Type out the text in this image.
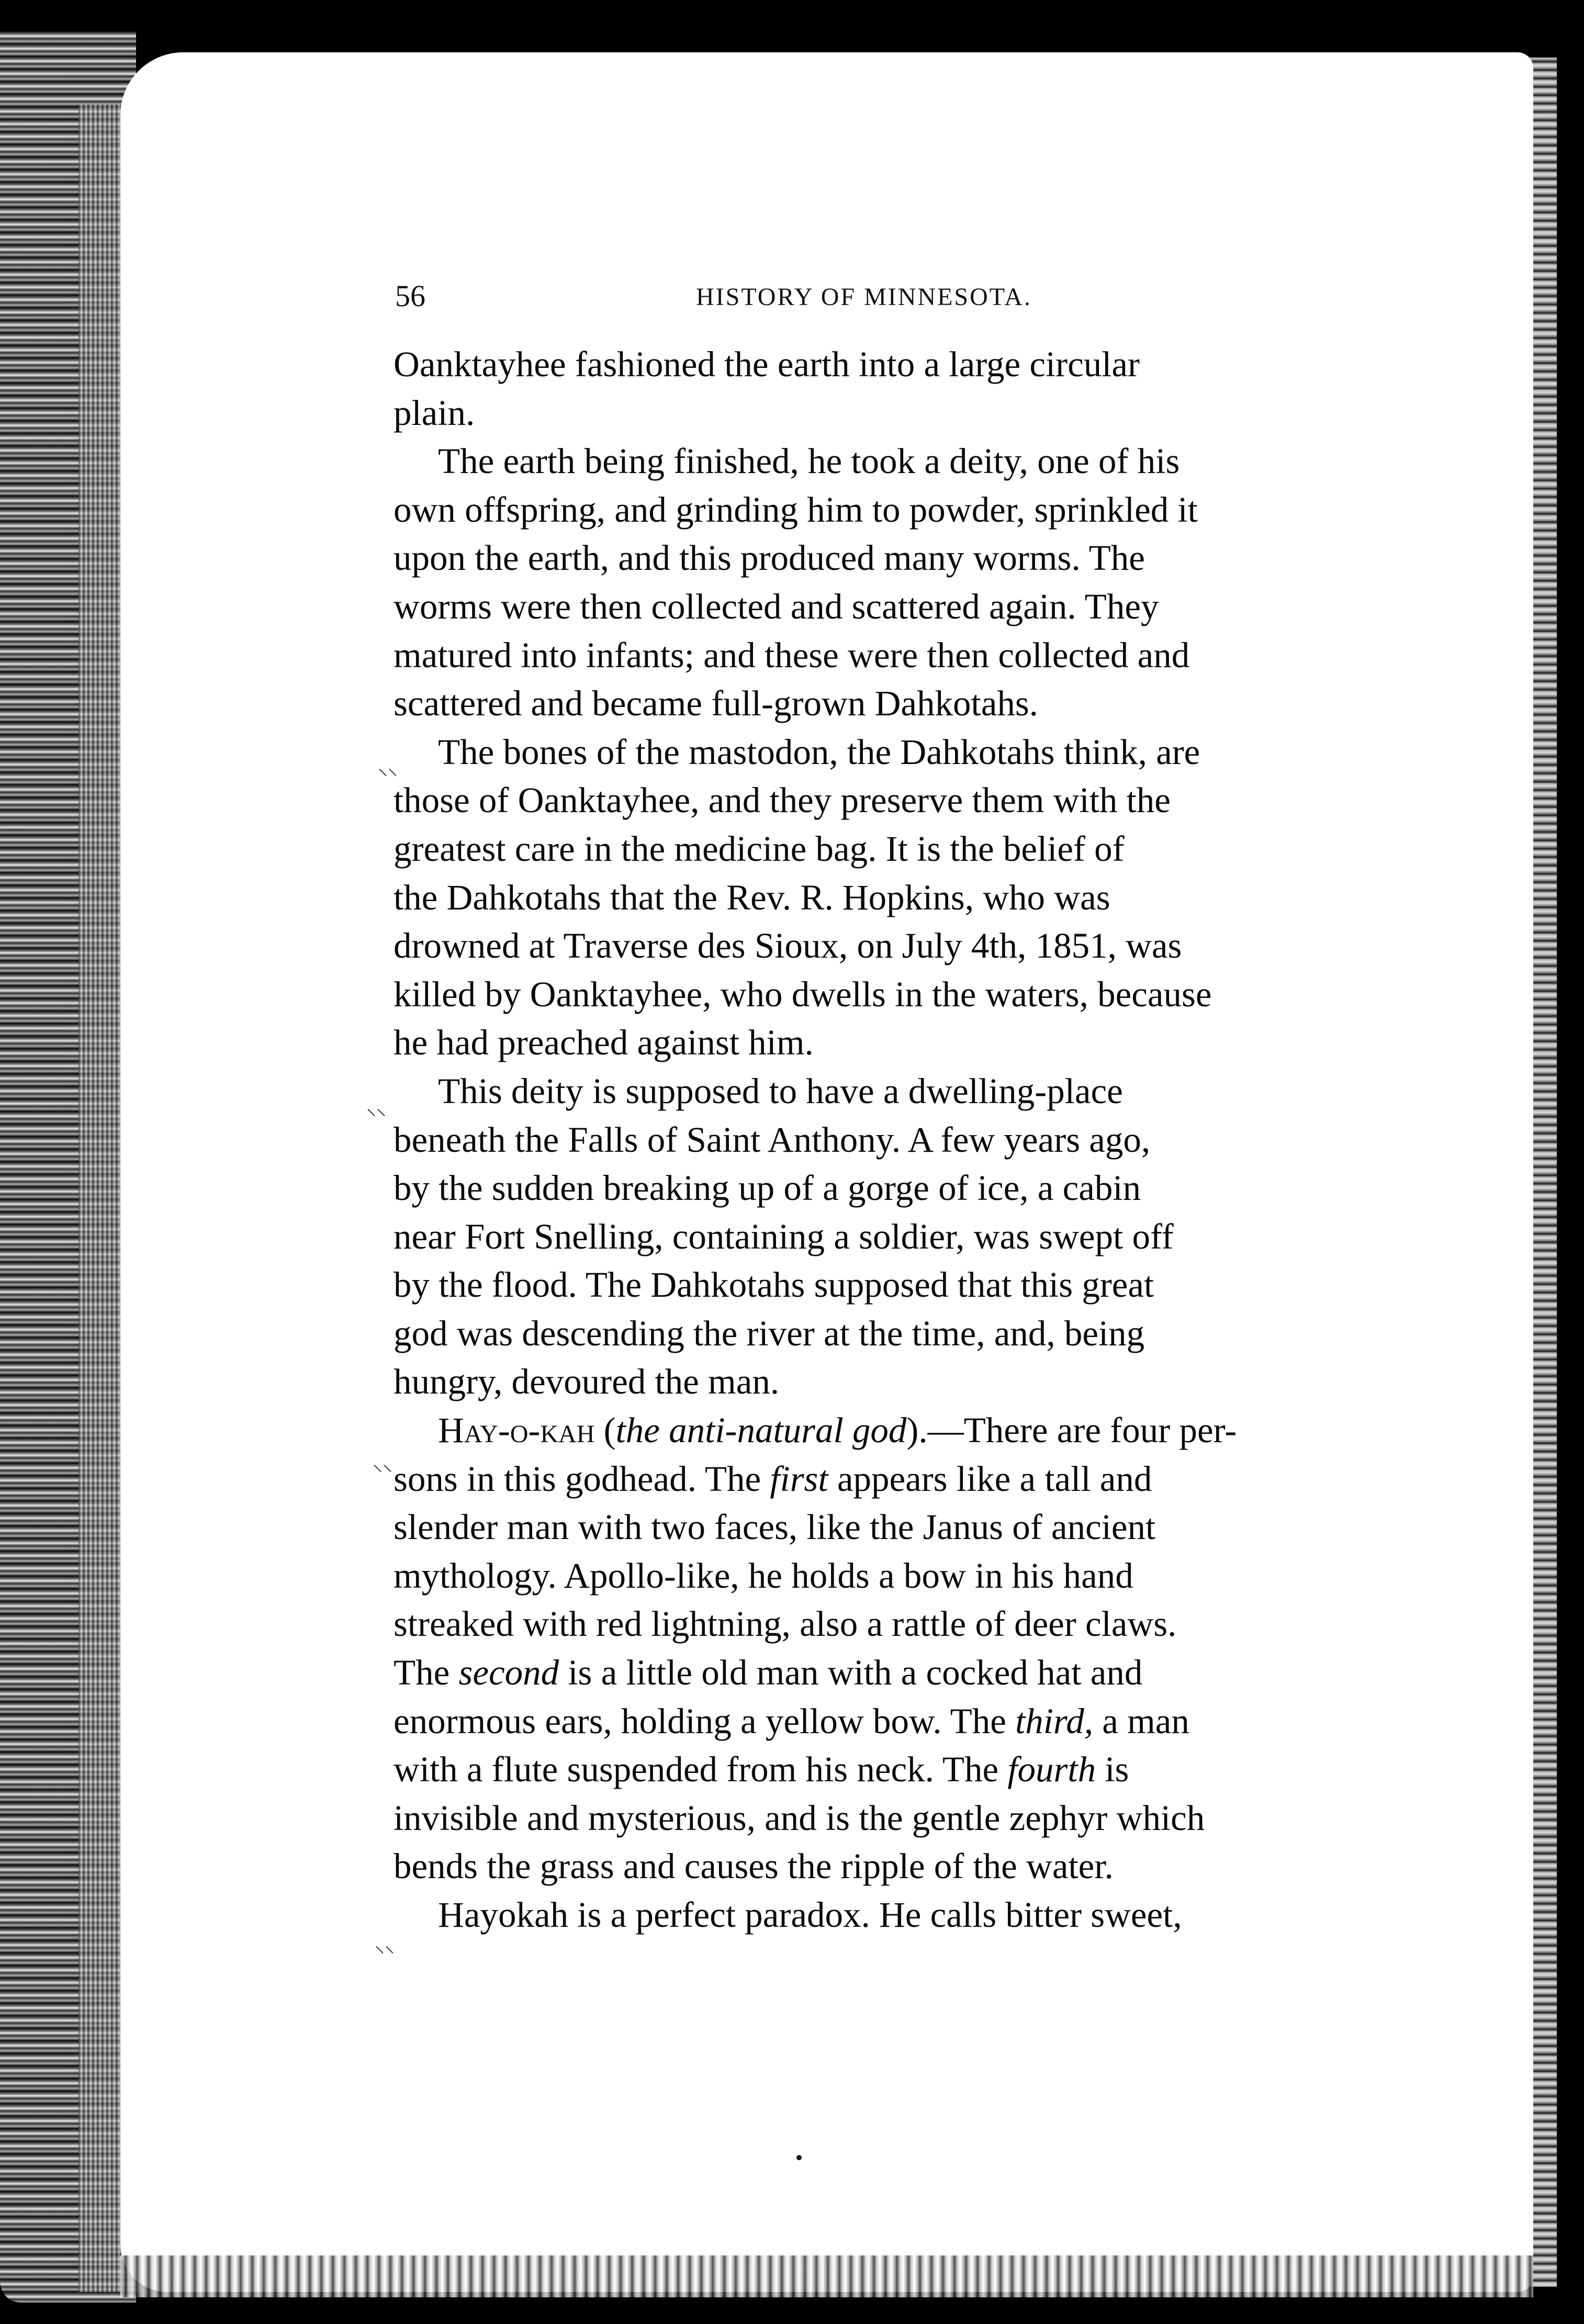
56	HISTORY OF MINNESOTA.
Oanktayhee fashioned the earth into a large circular
plain.
The earth being finished, he took a deity, one of his
own offspring, and grinding him to powder, sprinkled it
upon the earth, and this produced many worms. The
worms were then collected and scattered again. They
matured into infants; and these were then collected and
scattered and became full-grown Dahkotahs.
The bones of the mastodon, the Dahkotahs think, are
those of Oanktayhee, and they preserve them with the
greatest care in the medicine bag. It is the belief of
the Dahkotahs that the Rev. R. Hopkins, who was
drowned at Traverse des Sioux, on July 4th, 1851, was
killed by Oanktayhee, who dwells in the waters, because
he had preached against him.
This deity is supposed to have a dwelling-place
beneath the Falls of Saint Anthony. A few years ago,
by the sudden breaking up of a gorge of ice, a cabin
near Fort Snelling, containing a soldier, was swept off
by the flood. The Dahkotahs supposed that this great
god was descending the river at the time, and, being
hungry, devoured the man.
Hay-o-kah (the anti-natural god).—There are four per-
sons in this godhead. The first appears like a tall and
slender man with two faces, like the Janus of ancient
mythology. Apollo-like, he holds a bow in his hand
streaked with red lightning, also a rattle of deer claws.
The second is a little old man with a cocked hat and
enormous ears, holding a yellow bow. The third, a man
with a flute suspended from his neck. The fourth is
invisible and mysterious, and is the gentle zephyr which
bends the grass and causes the ripple of the water.
Hayokah is a perfect paradox. He calls bitter sweet,
⸜⸜
⸜⸜
⸜⸜
⸜⸜
